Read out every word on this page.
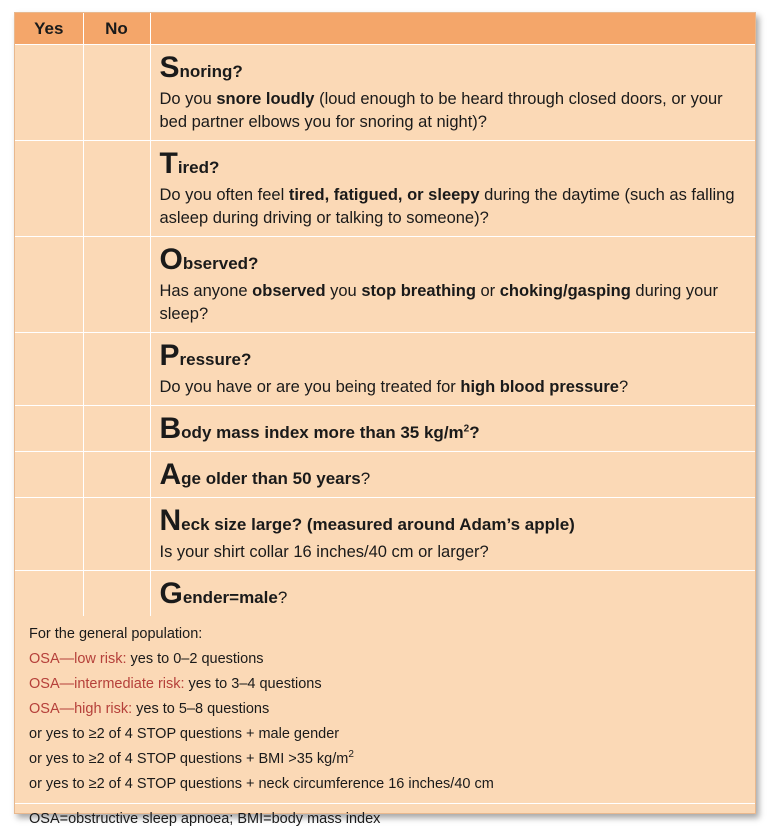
Yes	No	

		Snoring?
Do you snore loudly (loud enough to be heard through closed doors, or your bed partner elbows you for snoring at night)?

		Tired?
Do you often feel tired, fatigued, or sleepy during the daytime (such as falling asleep during driving or talking to someone)?

		Observed?
Has anyone observed you stop breathing or choking/gasping during your sleep?

		Pressure?
Do you have or are you being treated for high blood pressure?

		Body mass index more than 35 $kg/m^2$?

		Age older than 50 years?

		Neck size large? (measured around Adam’s apple)
Is your shirt collar 16 inches/40 cm or larger?

		Gender=male?
For the general population:
OSA—low risk: yes to 0–2 questions
OSA—intermediate risk: yes to 3–4 questions
OSA—high risk: yes to 5–8 questions
or yes to ≥2 of 4 STOP questions + male gender
or yes to ≥2 of 4 STOP questions + BMI >35 $kg/m^2$
or yes to ≥2 of 4 STOP questions + neck circumference 16 inches/40 cm
OSA=obstructive sleep apnoea; BMI=body mass index
